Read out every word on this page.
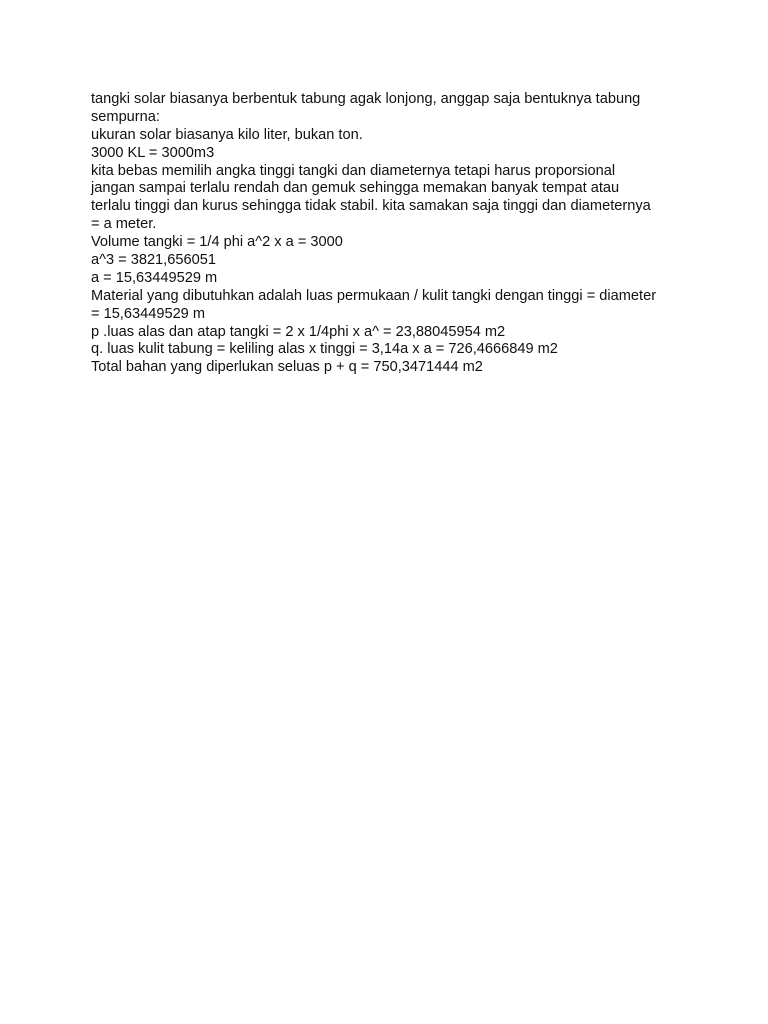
tangki solar biasanya berbentuk tabung agak lonjong, anggap saja bentuknya tabung
sempurna:
ukuran solar biasanya kilo liter, bukan ton.
3000 KL = 3000m3
kita bebas memilih angka tinggi tangki dan diameternya tetapi harus proporsional
jangan sampai terlalu rendah dan gemuk sehingga memakan banyak tempat atau
terlalu tinggi dan kurus sehingga tidak stabil. kita samakan saja tinggi dan diameternya
= a meter.
Volume tangki = 1/4 phi a^2 x a = 3000
a^3 = 3821,656051
a = 15,63449529 m
Material yang dibutuhkan adalah luas permukaan / kulit tangki dengan tinggi = diameter
= 15,63449529 m
p .luas alas dan atap tangki = 2 x 1/4phi x a^ = 23,88045954 m2
q. luas kulit tabung = keliling alas x tinggi = 3,14a x a = 726,4666849 m2
Total bahan yang diperlukan seluas p + q = 750,3471444 m2
